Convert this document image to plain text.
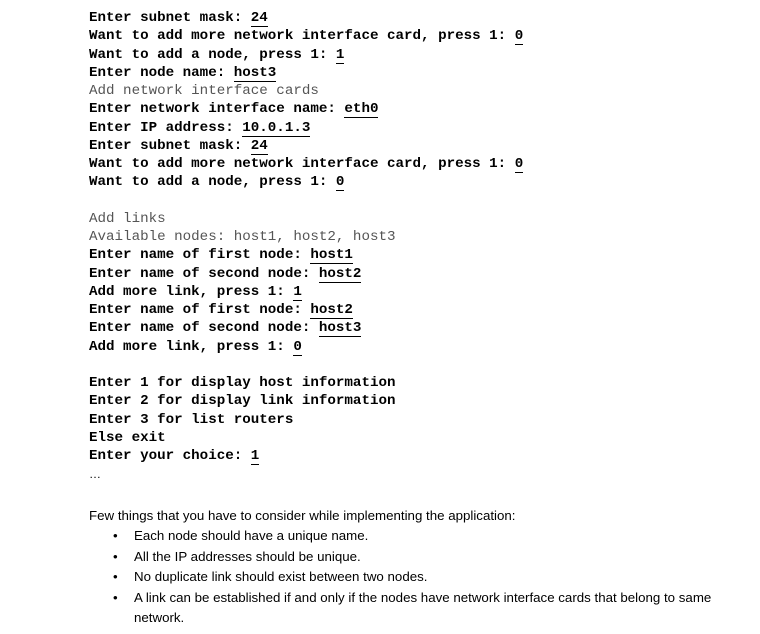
Enter subnet mask: 24
Want to add more network interface card, press 1: 0
Want to add a node, press 1: 1
Enter node name: host3
Add network interface cards
Enter network interface name: eth0
Enter IP address: 10.0.1.3
Enter subnet mask: 24
Want to add more network interface card, press 1: 0
Want to add a node, press 1: 0
Add links
Available nodes: host1, host2, host3
Enter name of first node: host1
Enter name of second node: host2
Add more link, press 1: 1
Enter name of first node: host2
Enter name of second node: host3
Add more link, press 1: 0
Enter 1 for display host information
Enter 2 for display link information
Enter 3 for list routers
Else exit
Enter your choice: 1
…

Few things that you have to consider while implementing the application:

• Each node should have a unique name.
• All the IP addresses should be unique.
• No duplicate link should exist between two nodes.
• A link can be established if and only if the nodes have network interface cards that belong to same network.
